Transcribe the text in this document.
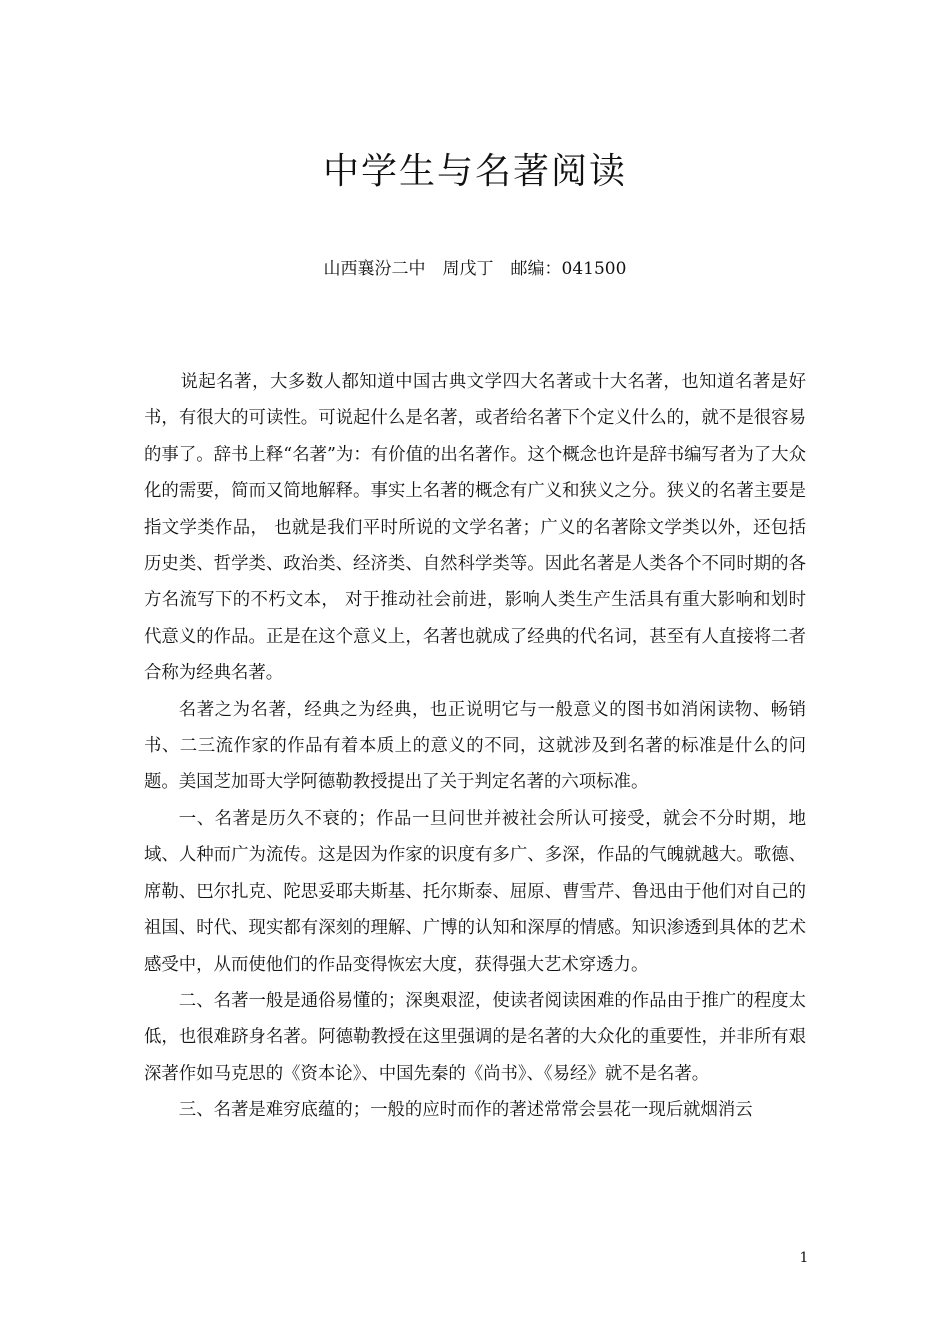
中学生与名著阅读
山西襄汾二中　周戊丁　邮编：041500

说起名著，大多数人都知道中国古典文学四大名著或十大名著，也知道名著是好书，有很大的可读性。可说起什么是名著，或者给名著下个定义什么的，就不是很容易的事了。辞书上释“名著”为：有价值的出名著作。这个概念也许是辞书编写者为了大众化的需要，简而又简地解释。事实上名著的概念有广义和狭义之分。狭义的名著主要是指文学类作品， 也就是我们平时所说的文学名著；广义的名著除文学类以外，还包括历史类、哲学类、政治类、经济类、自然科学类等。因此名著是人类各个不同时期的各方名流写下的不朽文本， 对于推动社会前进，影响人类生产生活具有重大影响和划时代意义的作品。正是在这个意义上，名著也就成了经典的代名词，甚至有人直接将二者合称为经典名著。

名著之为名著，经典之为经典，也正说明它与一般意义的图书如消闲读物、畅销书、二三流作家的作品有着本质上的意义的不同，这就涉及到名著的标准是什么的问题。美国芝加哥大学阿德勒教授提出了关于判定名著的六项标准。

一、名著是历久不衰的；作品一旦问世并被社会所认可接受，就会不分时期，地域、人种而广为流传。这是因为作家的识度有多广、多深，作品的气魄就越大。歌德、席勒、巴尔扎克、陀思妥耶夫斯基、托尔斯泰、屈原、曹雪芹、鲁迅由于他们对自己的祖国、时代、现实都有深刻的理解、广博的认知和深厚的情感。知识渗透到具体的艺术感受中，从而使他们的作品变得恢宏大度，获得强大艺术穿透力。

二、名著一般是通俗易懂的；深奥艰涩，使读者阅读困难的作品由于推广的程度太低，也很难跻身名著。阿德勒教授在这里强调的是名著的大众化的重要性，并非所有艰深著作如马克思的《资本论》、中国先秦的《尚书》、《易经》就不是名著。

三、名著是难穷底蕴的；一般的应时而作的著述常常会昙花一现后就烟消云

1
